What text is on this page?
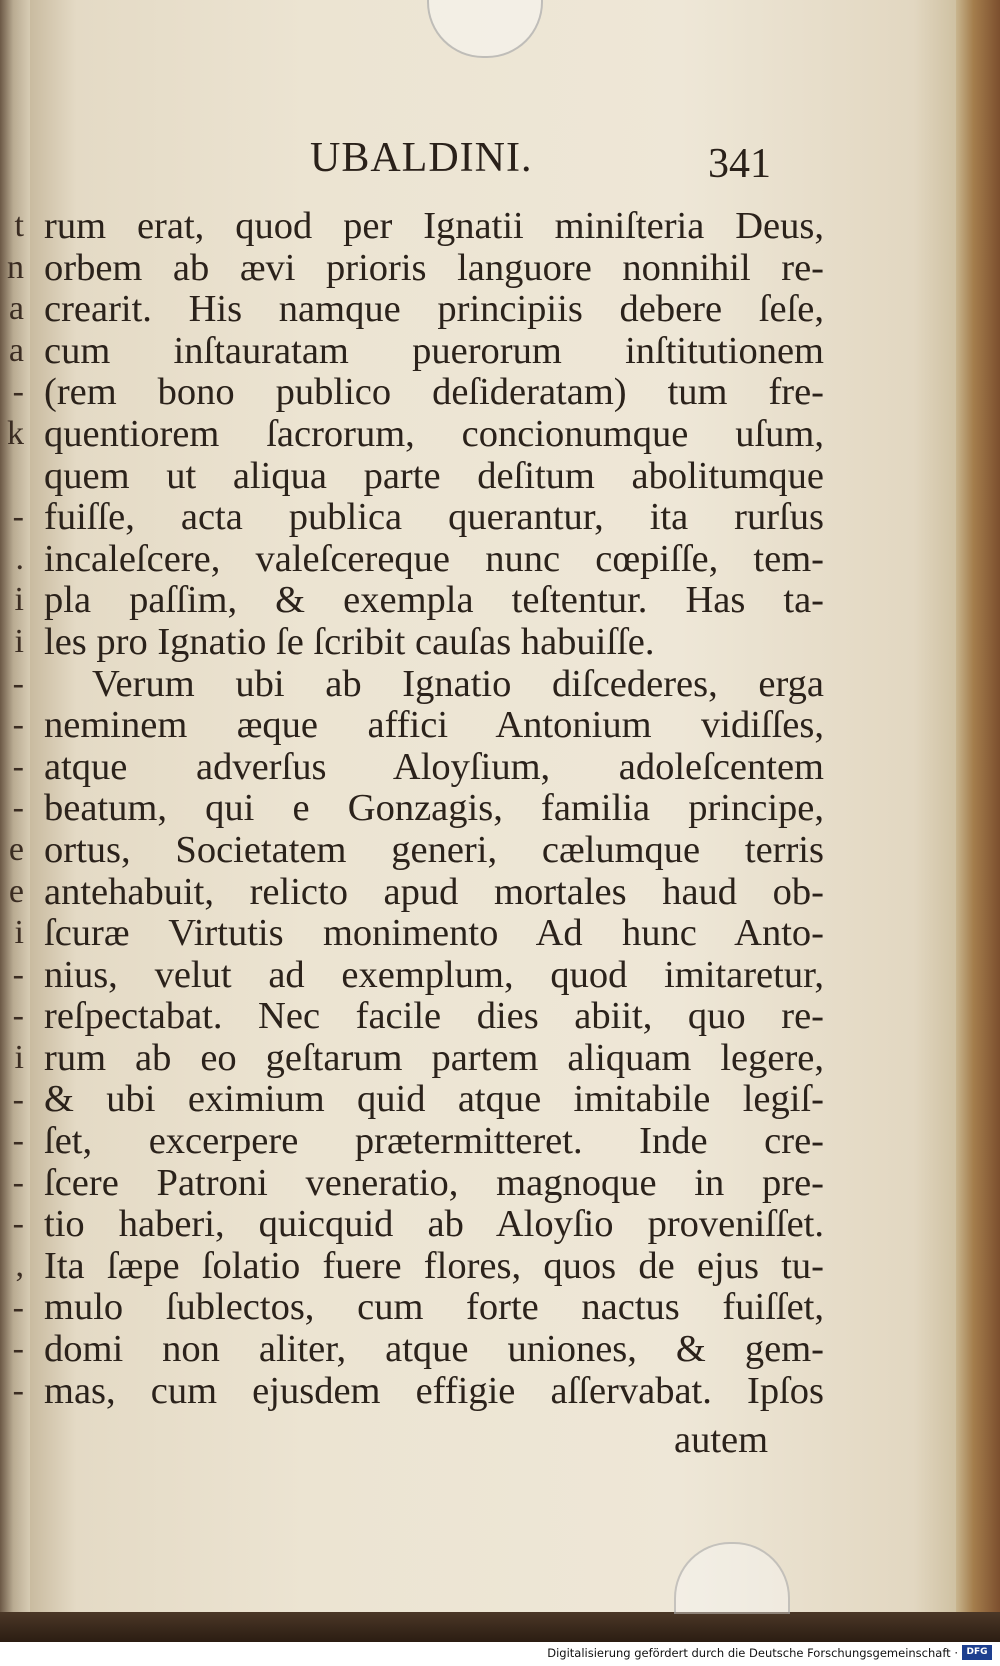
t
n
a
a
-
k
-
.
i
i
-
-
-
-
e
e
i
-
-
i
-
-
-
-
,
-
-
-
UBALDINI.	341
rum erat, quod per Ignatii miniſteria Deus,
orbem ab ævi prioris languore nonnihil re-
crearit. His namque principiis debere ſeſe,
cum inſtauratam puerorum inſtitutionem
(rem bono publico deſideratam) tum fre-
quentiorem ſacrorum, concionumque uſum,
quem ut aliqua parte deſitum abolitumque
fuiſſe, acta publica querantur, ita rurſus
incaleſcere, valeſcereque nunc cœpiſſe, tem-
pla paſſim, & exempla teſtentur. Has ta-
les pro Ignatio ſe ſcribit cauſas habuiſſe.
Verum ubi ab Ignatio diſcederes, erga
neminem æque affici Antonium vidiſſes,
atque adverſus Aloyſium, adoleſcentem
beatum, qui e Gonzagis, familia principe,
ortus, Societatem generi, cælumque terris
antehabuit, relicto apud mortales haud ob-
ſcuræ Virtutis monimento Ad hunc Anto-
nius, velut ad exemplum, quod imitaretur,
reſpectabat. Nec facile dies abiit, quo re-
rum ab eo geſtarum partem aliquam legere,
& ubi eximium quid atque imitabile legiſ-
ſet, excerpere prætermitteret. Inde cre-
ſcere Patroni veneratio, magnoque in pre-
tio haberi, quicquid ab Aloyſio proveniſſet.
Ita ſæpe ſolatio fuere flores, quos de ejus tu-
mulo ſublectos, cum forte nactus fuiſſet,
domi non aliter, atque uniones, & gem-
mas, cum ejusdem effigie aſſervabat. Ipſos
autem
Digitalisierung gefördert durch die Deutsche Forschungsgemeinschaft · DFG
